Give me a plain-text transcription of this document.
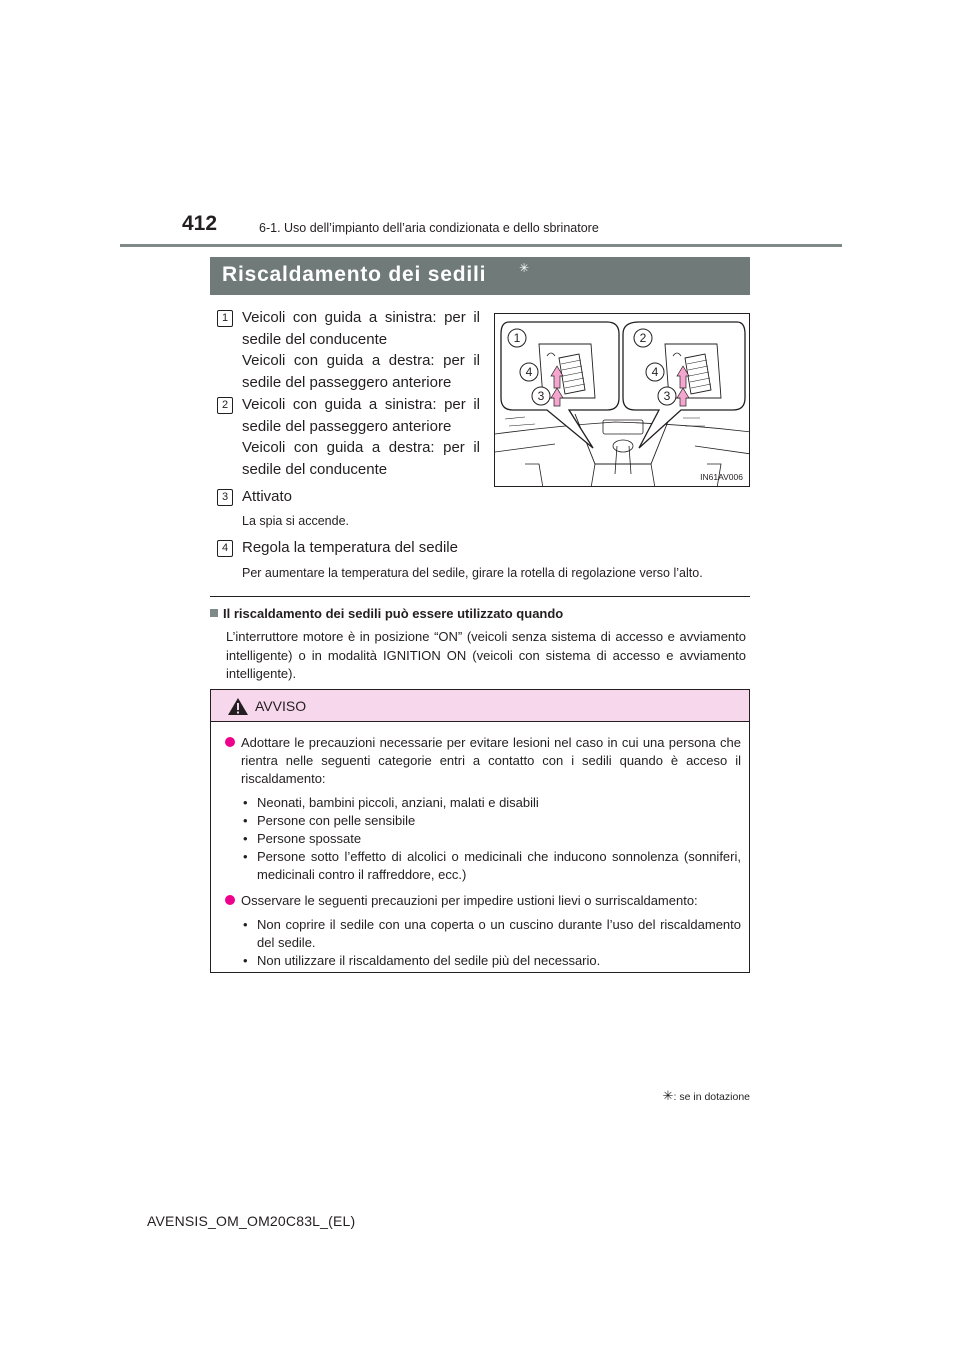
412	6-1. Uso dell’impianto dell’aria condizionata e dello sbrinatore
Riscaldamento dei sedili	✳
1 Veicoli con guida a sinistra: per il sedile del conducente

Veicoli con guida a destra: per il sedile del passeggero anteriore

2 Veicoli con guida a sinistra: per il sedile del passeggero anteriore

Veicoli con guida a destra: per il sedile del conducente

3 Attivato

La spia si accende.
4 Regola la temperatura del sedile

Per aumentare la temperatura del sedile, girare la rotella di regolazione verso l’alto.
1
4
3
2
4
3
IN61AV006
Il riscaldamento dei sedili può essere utilizzato quando
L’interruttore motore è in posizione “ON” (veicoli senza sistema di accesso e avviamento intelligente) o in modalità IGNITION ON (veicoli con sistema di accesso e avviamento intelligente).
AVVISO
Adottare le precauzioni necessarie per evitare lesioni nel caso in cui una persona che rientra nelle seguenti categorie entri a contatto con i sedili quando è acceso il riscaldamento:
• Neonati, bambini piccoli, anziani, malati e disabili
• Persone con pelle sensibile
• Persone spossate
• Persone sotto l’effetto di alcolici o medicinali che inducono sonnolenza (sonniferi, medicinali contro il raffreddore, ecc.)
Osservare le seguenti precauzioni per impedire ustioni lievi o surriscaldamento:
• Non coprire il sedile con una coperta o un cuscino durante l’uso del riscaldamento del sedile.
• Non utilizzare il riscaldamento del sedile più del necessario.
✳: se in dotazione
AVENSIS_OM_OM20C83L_(EL)
